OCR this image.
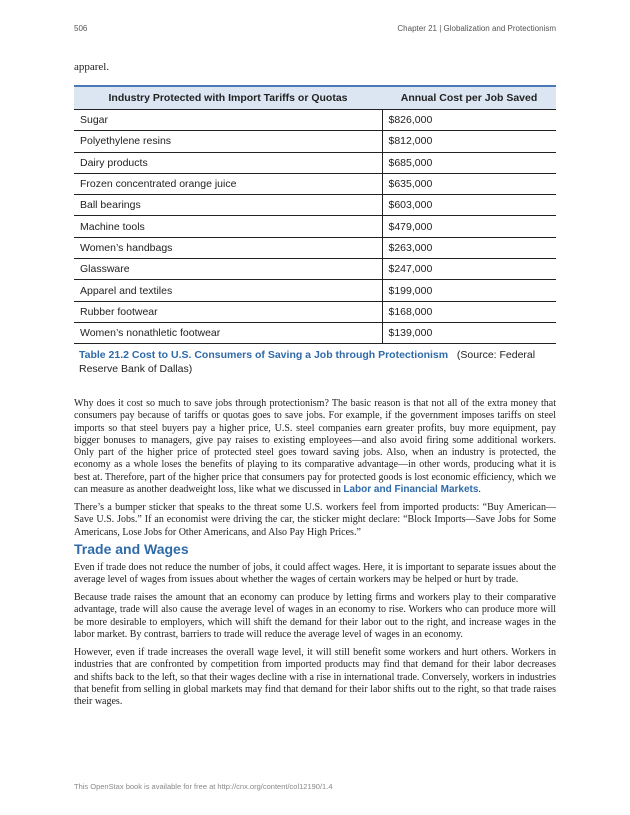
506	Chapter 21 | Globalization and Protectionism
apparel.
Industry Protected with Import Tariffs or Quotas	Annual Cost per Job Saved
Sugar	$826,000
Polyethylene resins	$812,000
Dairy products	$685,000
Frozen concentrated orange juice	$635,000
Ball bearings	$603,000
Machine tools	$479,000
Women’s handbags	$263,000
Glassware	$247,000
Apparel and textiles	$199,000
Rubber footwear	$168,000
Women’s nonathletic footwear	$139,000
Table 21.2 Cost to U.S. Consumers of Saving a Job through Protectionism (Source: Federal Reserve Bank of Dallas)
Why does it cost so much to save jobs through protectionism? The basic reason is that not all of the extra money that consumers pay because of tariffs or quotas goes to save jobs. For example, if the government imposes tariffs on steel imports so that steel buyers pay a higher price, U.S. steel companies earn greater profits, buy more equipment, pay bigger bonuses to managers, give pay raises to existing employees—and also avoid firing some additional workers. Only part of the higher price of protected steel goes toward saving jobs. Also, when an industry is protected, the economy as a whole loses the benefits of playing to its comparative advantage—in other words, producing what it is best at. Therefore, part of the higher price that consumers pay for protected goods is lost economic efficiency, which we can measure as another deadweight loss, like what we discussed in Labor and Financial Markets.
There’s a bumper sticker that speaks to the threat some U.S. workers feel from imported products: “Buy American—Save U.S. Jobs.” If an economist were driving the car, the sticker might declare: “Block Imports—Save Jobs for Some Americans, Lose Jobs for Other Americans, and Also Pay High Prices.”
Trade and Wages
Even if trade does not reduce the number of jobs, it could affect wages. Here, it is important to separate issues about the average level of wages from issues about whether the wages of certain workers may be helped or hurt by trade.
Because trade raises the amount that an economy can produce by letting firms and workers play to their comparative advantage, trade will also cause the average level of wages in an economy to rise. Workers who can produce more will be more desirable to employers, which will shift the demand for their labor out to the right, and increase wages in the labor market. By contrast, barriers to trade will reduce the average level of wages in an economy.
However, even if trade increases the overall wage level, it will still benefit some workers and hurt others. Workers in industries that are confronted by competition from imported products may find that demand for their labor decreases and shifts back to the left, so that their wages decline with a rise in international trade. Conversely, workers in industries that benefit from selling in global markets may find that demand for their labor shifts out to the right, so that trade raises their wages.
This OpenStax book is available for free at http://cnx.org/content/col12190/1.4
